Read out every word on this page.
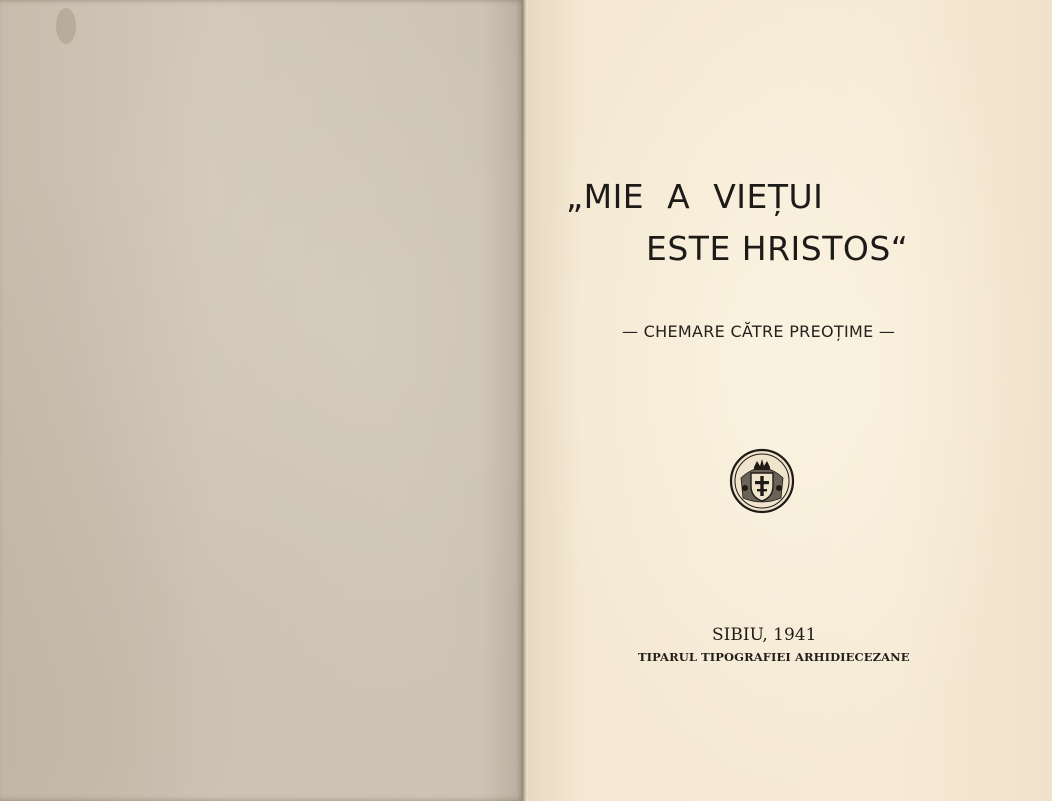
„MIE A VIEȚUI
ESTE HRISTOS“
— CHEMARE CĂTRE PREOȚIME —
SIBIU, 1941
TIPARUL TIPOGRAFIEI ARHIDIECEZANE
